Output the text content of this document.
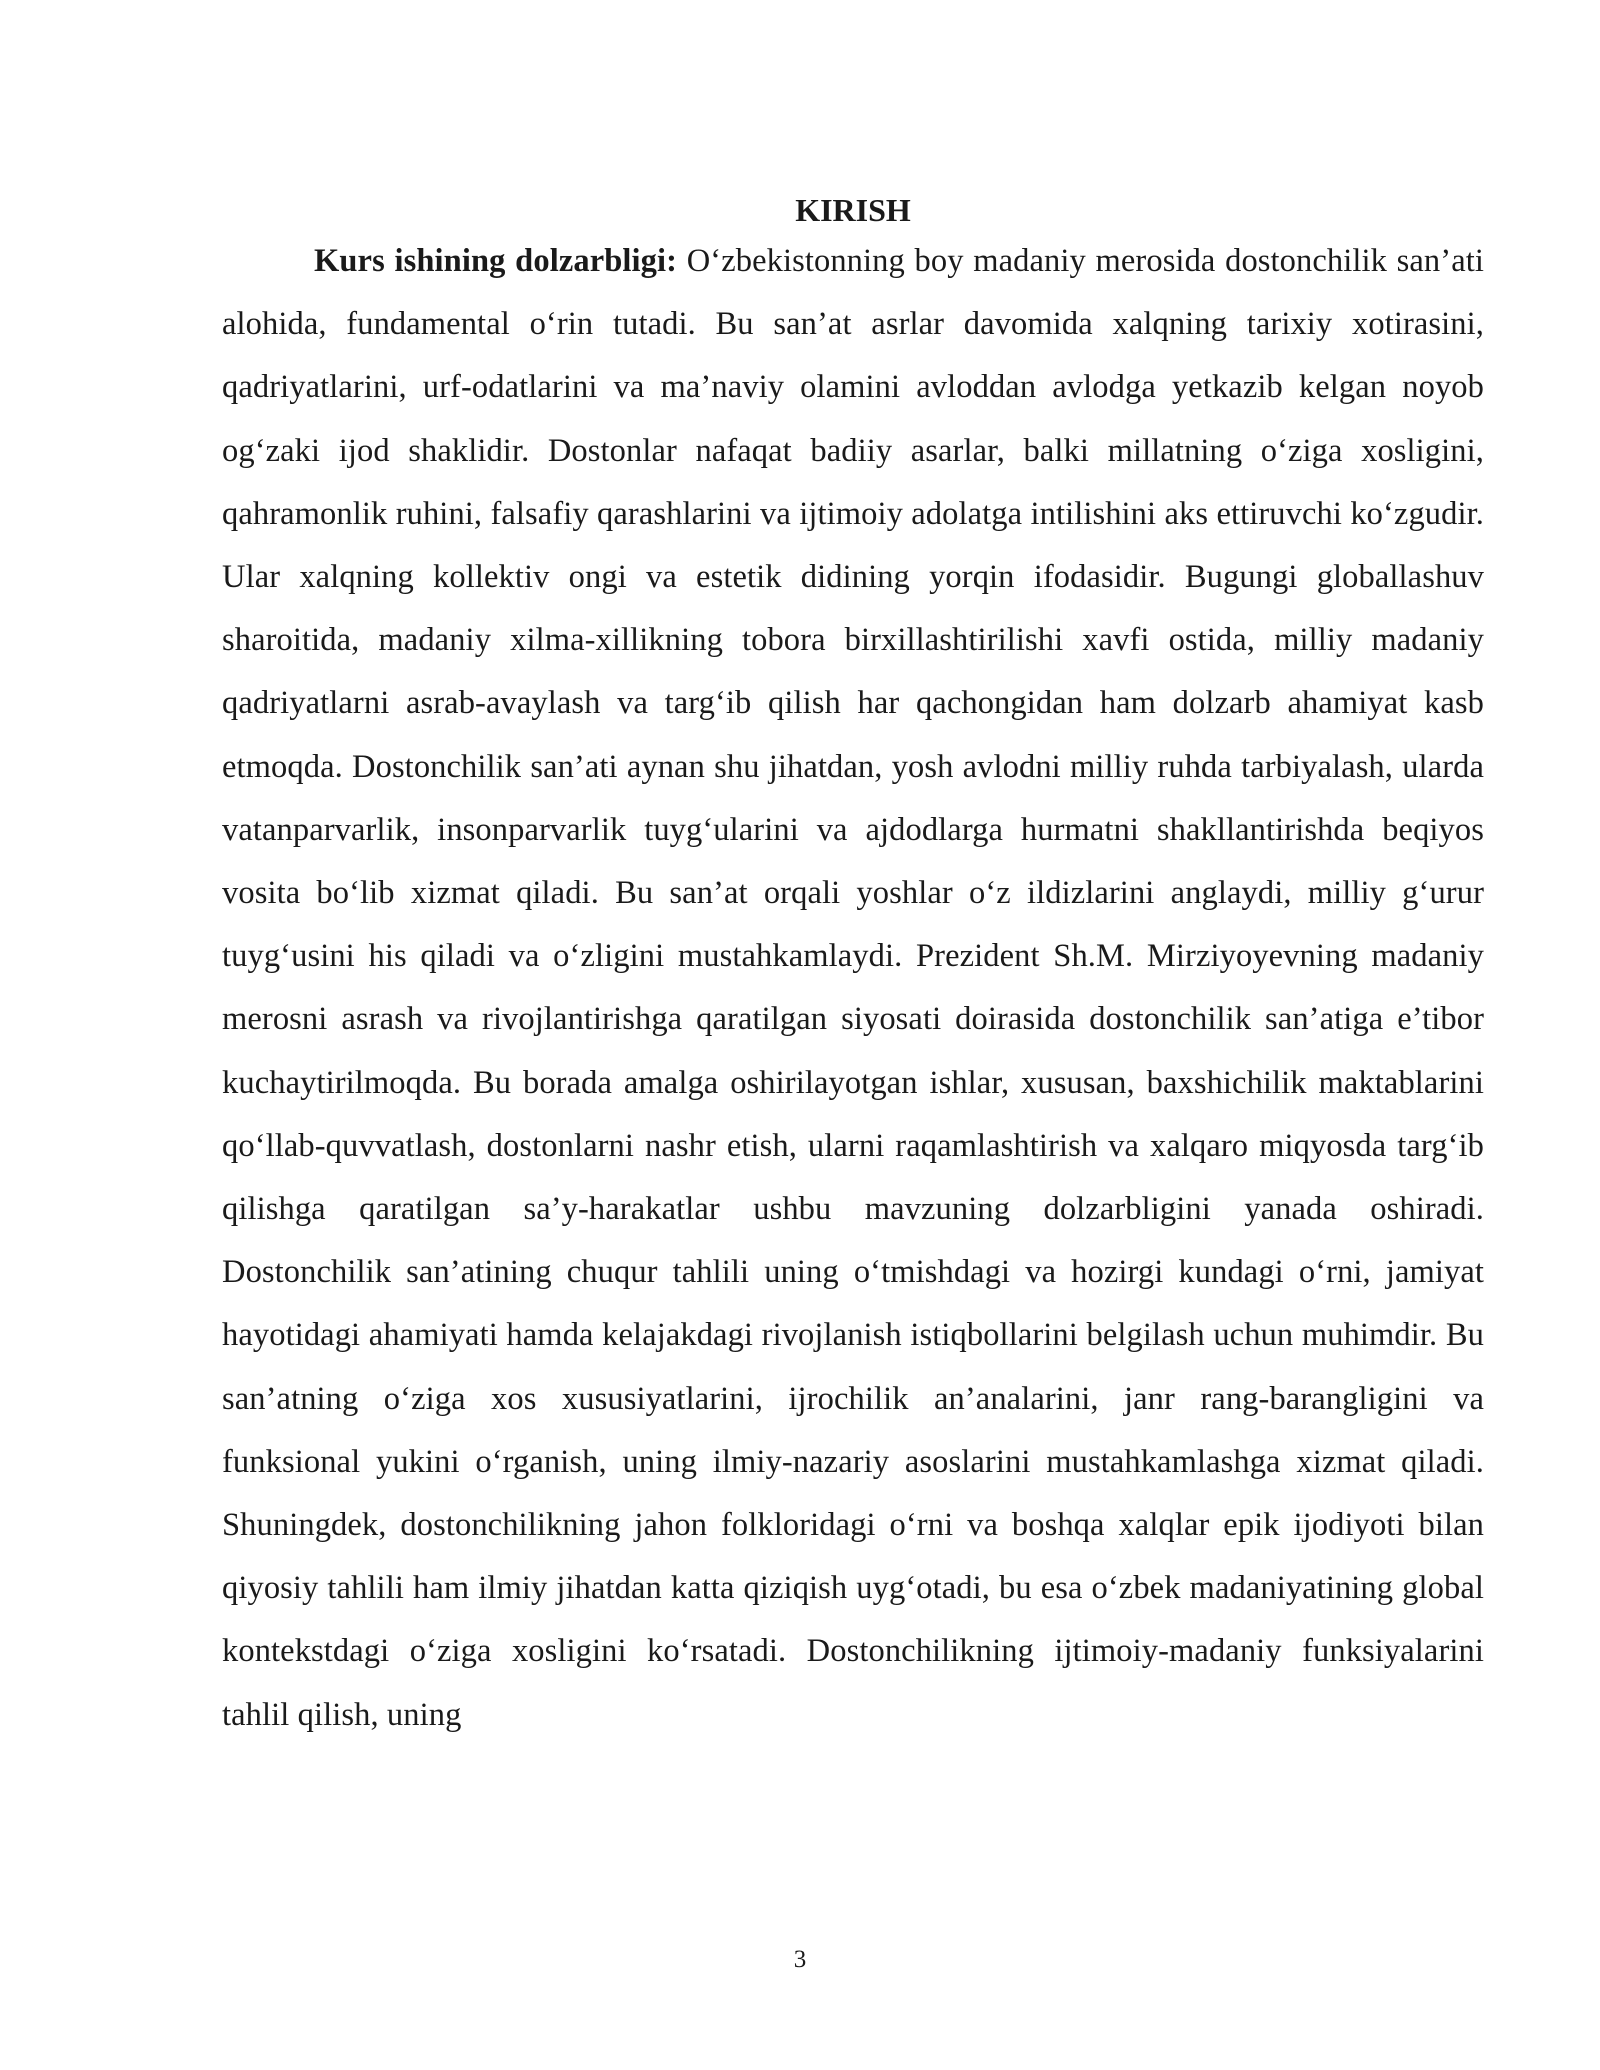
KIRISH

Kurs ishining dolzarbligi: O‘zbekistonning boy madaniy merosida dostonchilik san’ati alohida, fundamental o‘rin tutadi. Bu san’at asrlar davomida xalqning tarixiy xotirasini, qadriyatlarini, urf-odatlarini va ma’naviy olamini avloddan avlodga yetkazib kelgan noyob og‘zaki ijod shaklidir. Dostonlar nafaqat badiiy asarlar, balki millatning o‘ziga xosligini, qahramonlik ruhini, falsafiy qarashlarini va ijtimoiy adolatga intilishini aks ettiruvchi ko‘zgudir. Ular xalqning kollektiv ongi va estetik didining yorqin ifodasidir. Bugungi globallashuv sharoitida, madaniy xilma-xillikning tobora birxillashtirilishi xavfi ostida, milliy madaniy qadriyatlarni asrab-avaylash va targ‘ib qilish har qachongidan ham dolzarb ahamiyat kasb etmoqda. Dostonchilik san’ati aynan shu jihatdan, yosh avlodni milliy ruhda tarbiyalash, ularda vatanparvarlik, insonparvarlik tuyg‘ularini va ajdodlarga hurmatni shakllantirishda beqiyos vosita bo‘lib xizmat qiladi. Bu san’at orqali yoshlar o‘z ildizlarini anglaydi, milliy g‘urur tuyg‘usini his qiladi va o‘zligini mustahkamlaydi. Prezident Sh.M. Mirziyoyevning madaniy merosni asrash va rivojlantirishga qaratilgan siyosati doirasida dostonchilik san’atiga e’tibor kuchaytirilmoqda. Bu borada amalga oshirilayotgan ishlar, xususan, baxshichilik maktablarini qo‘llab-quvvatlash, dostonlarni nashr etish, ularni raqamlashtirish va xalqaro miqyosda targ‘ib qilishga qaratilgan sa’y-harakatlar ushbu mavzuning dolzarbligini yanada oshiradi. Dostonchilik san’atining chuqur tahlili uning o‘tmishdagi va hozirgi kundagi o‘rni, jamiyat hayotidagi ahamiyati hamda kelajakdagi rivojlanish istiqbollarini belgilash uchun muhimdir. Bu san’atning o‘ziga xos xususiyatlarini, ijrochilik an’analarini, janr rang-barangligini va funksional yukini o‘rganish, uning ilmiy-nazariy asoslarini mustahkamlashga xizmat qiladi. Shuningdek, dostonchilikning jahon folkloridagi o‘rni va boshqa xalqlar epik ijodiyoti bilan qiyosiy tahlili ham ilmiy jihatdan katta qiziqish uyg‘otadi, bu esa o‘zbek madaniyatining global kontekstdagi o‘ziga xosligini ko‘rsatadi. Dostonchilikning ijtimoiy-madaniy funksiyalarini tahlil qilish, uning

3
